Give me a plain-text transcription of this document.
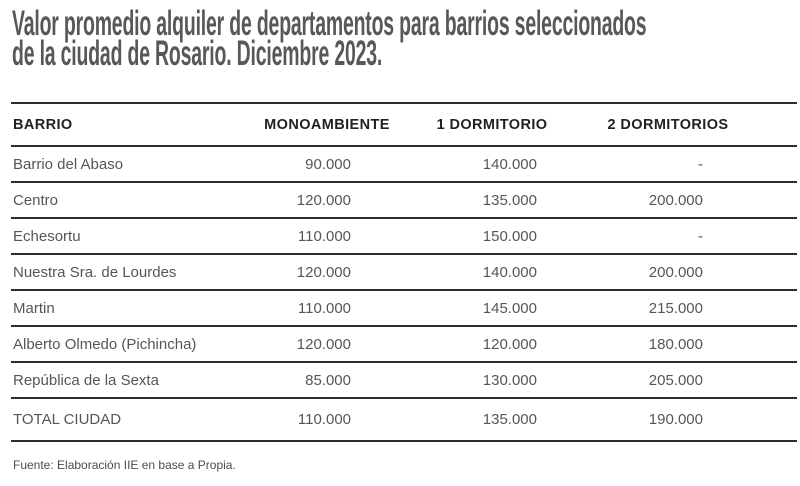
Valor promedio alquiler de departamentos para barrios seleccionados
de la ciudad de Rosario. Diciembre 2023.
BARRIO	MONOAMBIENTE	1 DORMITORIO	2 DORMITORIOS	
Barrio del Abaso	90.000	140.000	-	
Centro	120.000	135.000	200.000	
Echesortu	110.000	150.000	-	
Nuestra Sra. de Lourdes	120.000	140.000	200.000	
Martin	110.000	145.000	215.000	
Alberto Olmedo (Pichincha)	120.000	120.000	180.000	
República de la Sexta	85.000	130.000	205.000	
TOTAL CIUDAD	110.000	135.000	190.000	
Fuente: Elaboración IIE en base a Propia.
